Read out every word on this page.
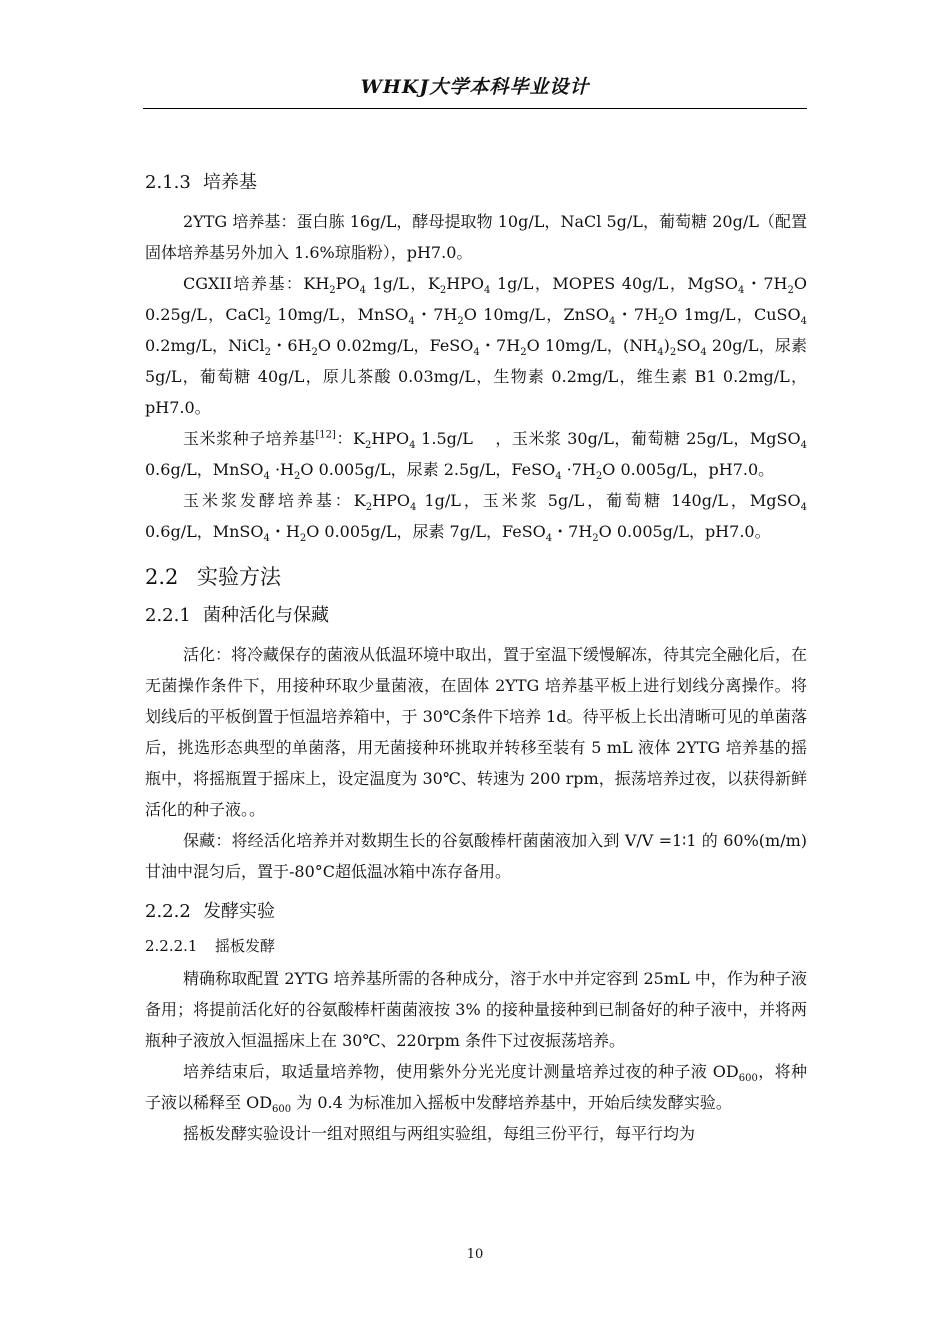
WHKJ大学本科毕业设计
2.1.3 培养基

2YTG 培养基：蛋白胨 16g/L，酵母提取物 10g/L，NaCl 5g/L，葡萄糖 20g/L（配置固体培养基另外加入 1.6%琼脂粉），pH7.0。

CGXII培养基：$KH_2PO_4$ 1g/L，$K_2HPO_4$ 1g/L，MOPES 40g/L，MgSO$_4$・$7H_2O$ 0.25g/L，CaCl$_2$ 10mg/L，MnSO$_4$・$7H_2O$ 10mg/L，ZnSO$_4$・$7H_2O$ 1mg/L，CuSO$_4$ 0.2mg/L，NiCl$_2$・$6H_2O$ 0.02mg/L，FeSO$_4$・$7H_2O$ 10mg/L，$(NH_4)_2SO_4$ 20g/L，尿素 5g/L，葡萄糖 40g/L，原儿茶酸 0.03mg/L，生物素 0.2mg/L，维生素 B1 0.2mg/L，pH7.0。

玉米浆种子培养基[12]：$K_2HPO_4$ 1.5g/L    ，玉米浆 30g/L，葡萄糖 25g/L，MgSO$_4$ 0.6g/L，MnSO$_4$ $\cdot H_2O$ 0.005g/L，尿素 2.5g/L，FeSO$_4$ $\cdot 7H_2O$ 0.005g/L，pH7.0。

玉米浆发酵培养基：$K_2HPO_4$ 1g/L，玉米浆 5g/L，葡萄糖 140g/L，MgSO$_4$ 0.6g/L，MnSO$_4$・$H_2O$ 0.005g/L，尿素 7g/L，FeSO$_4$・$7H_2O$ 0.005g/L，pH7.0。

2.2 实验方法
2.2.1 菌种活化与保藏

活化：将冷藏保存的菌液从低温环境中取出，置于室温下缓慢解冻，待其完全融化后，在无菌操作条件下，用接种环取少量菌液，在固体 2YTG 培养基平板上进行划线分离操作。将划线后的平板倒置于恒温培养箱中，于 30℃条件下培养 1d。待平板上长出清晰可见的单菌落后，挑选形态典型的单菌落，用无菌接种环挑取并转移至装有 5 mL 液体 2YTG 培养基的摇瓶中，将摇瓶置于摇床上，设定温度为 30℃、转速为 200 rpm，振荡培养过夜，以获得新鲜活化的种子液。。

保藏：将经活化培养并对数期生长的谷氨酸棒杆菌菌液加入到 V/V =1∶1 的 60%(m/m)甘油中混匀后，置于-80°C超低温冰箱中冻存备用。

2.2.2 发酵实验
2.2.2.1 摇板发酵

精确称取配置 2YTG 培养基所需的各种成分，溶于水中并定容到 25mL 中，作为种子液备用；将提前活化好的谷氨酸棒杆菌菌液按 3% 的接种量接种到已制备好的种子液中，并将两瓶种子液放入恒温摇床上在 30℃、220rpm 条件下过夜振荡培养。

培养结束后，取适量培养物，使用紫外分光光度计测量培养过夜的种子液 $OD_{600}$，将种子液以稀释至 $OD_{600}$ 为 0.4 为标准加入摇板中发酵培养基中，开始后续发酵实验。

摇板发酵实验设计一组对照组与两组实验组，每组三份平行，每平行均为

10
